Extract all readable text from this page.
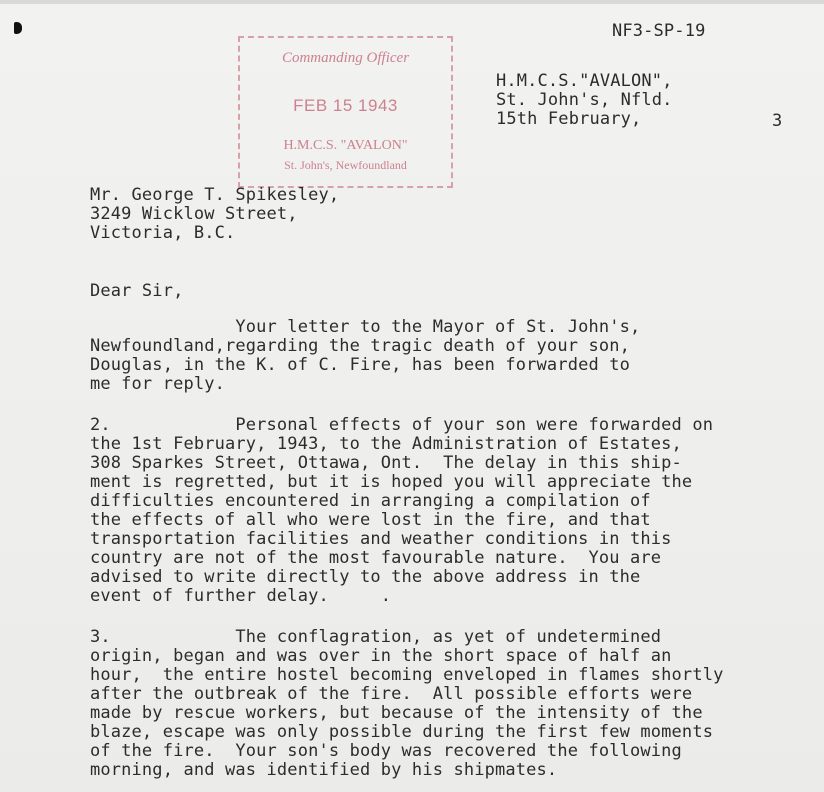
NF3-SP-19
H.M.C.S."AVALON",
St. John's, Nfld.
15th February,	3
Commanding Officer
FEB 15 1943
H.M.C.S. "AVALON"
St. John's, Newfoundland
Mr. George T. Spikesley,
3249 Wicklow Street,
Victoria, B.C.
Dear Sir,
Your letter to the Mayor of St. John's,
Newfoundland,regarding the tragic death of your son,
Douglas, in the K. of C. Fire, has been forwarded to
me for reply.
2.            Personal effects of your son were forwarded on
the 1st February, 1943, to the Administration of Estates,
308 Sparkes Street, Ottawa, Ont.  The delay in this ship-
ment is regretted, but it is hoped you will appreciate the
difficulties encountered in arranging a compilation of
the effects of all who were lost in the fire, and that
transportation facilities and weather conditions in this
country are not of the most favourable nature.  You are
advised to write directly to the above address in the
event of further delay.     .
3.            The conflagration, as yet of undetermined
origin, began and was over in the short space of half an
hour,  the entire hostel becoming enveloped in flames shortly
after the outbreak of the fire.  All possible efforts were
made by rescue workers, but because of the intensity of the
blaze, escape was only possible during the first few moments
of the fire.  Your son's body was recovered the following
morning, and was identified by his shipmates.
